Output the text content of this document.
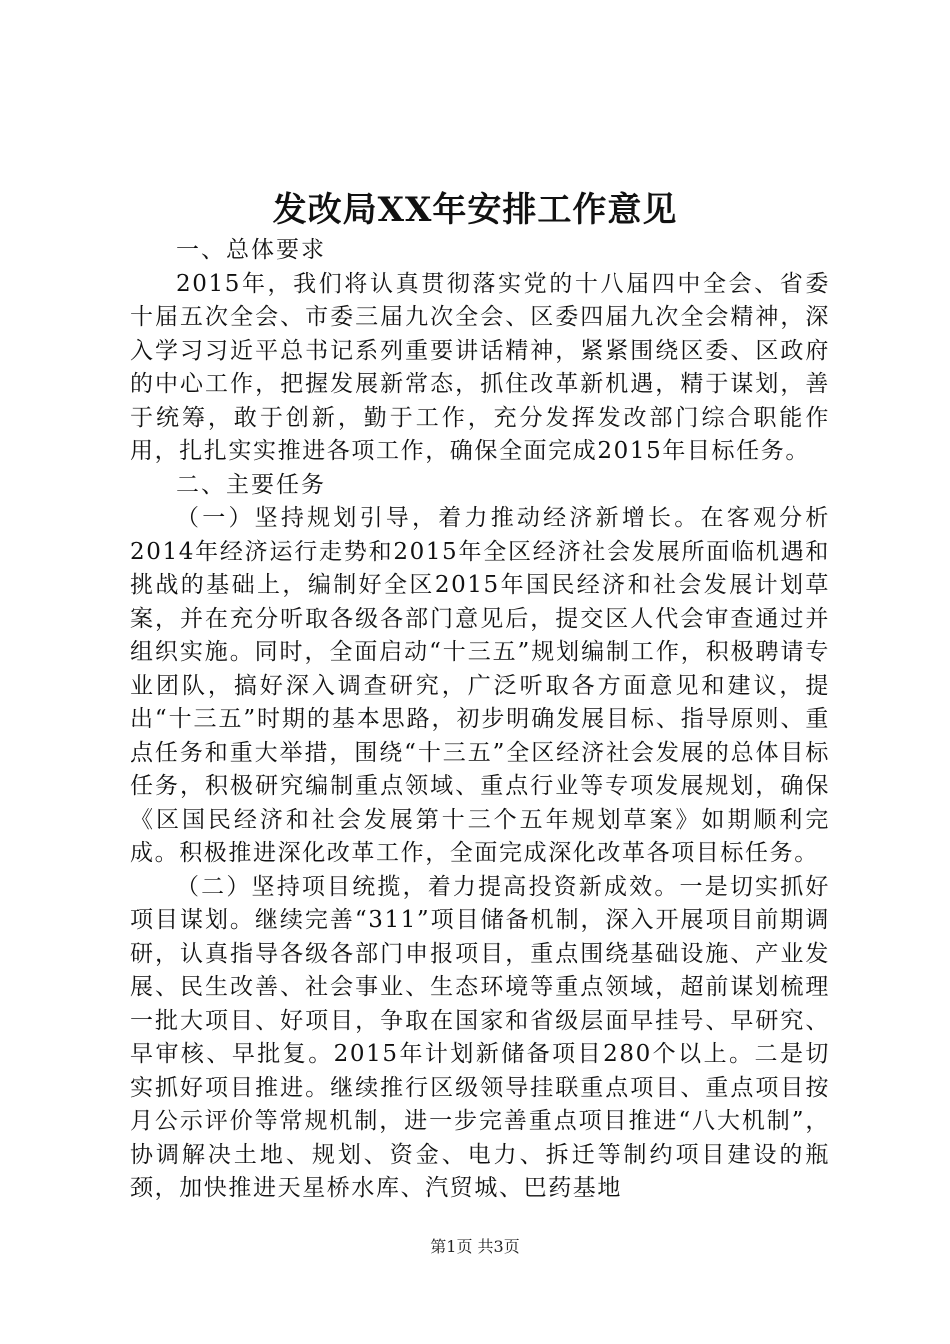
发改局XX年安排工作意见

一、总体要求

2015年，我们将认真贯彻落实党的十八届四中全会、省委十届五次全会、市委三届九次全会、区委四届九次全会精神，深入学习习近平总书记系列重要讲话精神，紧紧围绕区委、区政府的中心工作，把握发展新常态，抓住改革新机遇，精于谋划，善于统筹，敢于创新，勤于工作，充分发挥发改部门综合职能作用，扎扎实实推进各项工作，确保全面完成2015年目标任务。

二、主要任务

（一）坚持规划引导，着力推动经济新增长。在客观分析2014年经济运行走势和2015年全区经济社会发展所面临机遇和挑战的基础上，编制好全区2015年国民经济和社会发展计划草案，并在充分听取各级各部门意见后，提交区人代会审查通过并组织实施。同时，全面启动“十三五”规划编制工作，积极聘请专业团队，搞好深入调查研究，广泛听取各方面意见和建议，提出“十三五”时期的基本思路，初步明确发展目标、指导原则、重点任务和重大举措，围绕“十三五”全区经济社会发展的总体目标任务，积极研究编制重点领域、重点行业等专项发展规划，确保《区国民经济和社会发展第十三个五年规划草案》如期顺利完成。积极推进深化改革工作，全面完成深化改革各项目标任务。

（二）坚持项目统揽，着力提高投资新成效。一是切实抓好项目谋划。继续完善“311”项目储备机制，深入开展项目前期调研，认真指导各级各部门申报项目，重点围绕基础设施、产业发展、民生改善、社会事业、生态环境等重点领域，超前谋划梳理一批大项目、好项目，争取在国家和省级层面早挂号、早研究、早审核、早批复。2015年计划新储备项目280个以上。二是切实抓好项目推进。继续推行区级领导挂联重点项目、重点项目按月公示评价等常规机制，进一步完善重点项目推进“八大机制”，协调解决土地、规划、资金、电力、拆迁等制约项目建设的瓶颈，加快推进天星桥水库、汽贸城、巴药基地

第1页 共3页
